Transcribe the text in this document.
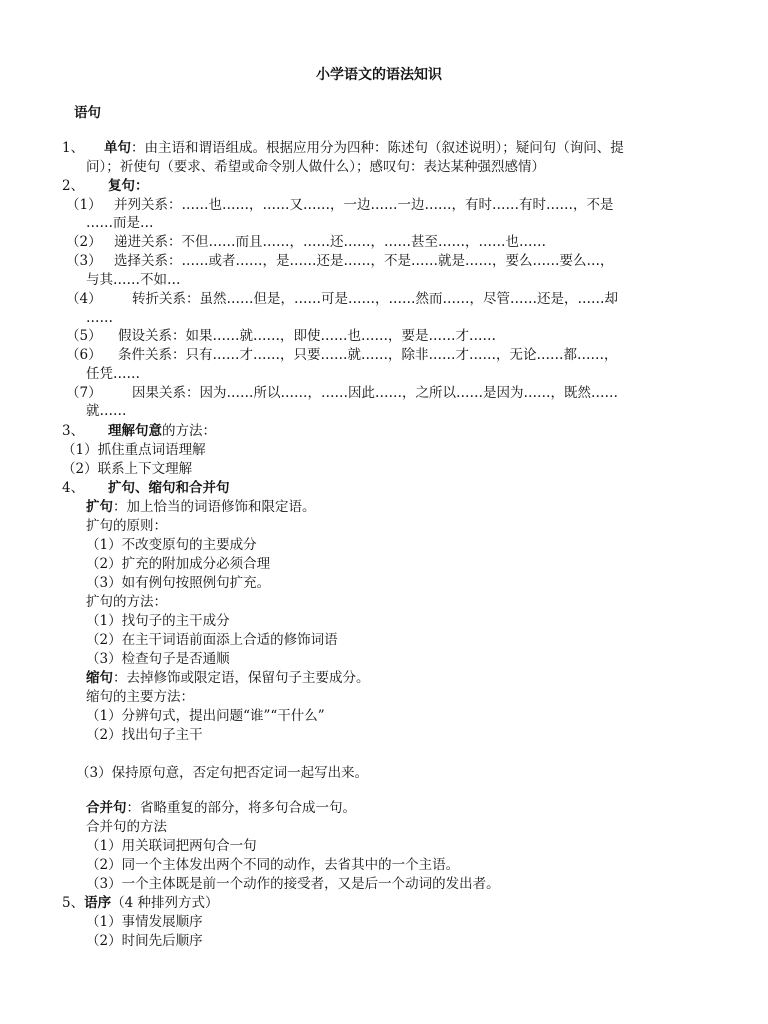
小学语文的语法知识
语句
1、 单句：由主语和谓语组成。根据应用分为四种：陈述句（叙述说明）；疑问句（询问、提
问）；祈使句（要求、希望或命令别人做什么）；感叹句：表达某种强烈感情）
2、 复句：
（1） 并列关系：……也……，……又……，一边……一边……，有时……有时……，不是
……而是…
（2） 递进关系：不但……而且……，……还……，……甚至……，……也……
（3） 选择关系：……或者……，是……还是……，不是……就是……，要么……要么…，
与其……不如…
（4） 转折关系：虽然……但是，……可是……，……然而……，尽管……还是，……却
……
（5） 假设关系：如果……就……，即使……也……，要是……才……
（6） 条件关系：只有……才……，只要……就……，除非……才……，无论……都……，
任凭……
（7） 因果关系：因为……所以……，……因此……，之所以……是因为……，既然……
就……
3、 理解句意的方法：
（1）抓住重点词语理解
（2）联系上下文理解
4、 扩句、缩句和合并句
扩句：加上恰当的词语修饰和限定语。
扩句的原则：
（1）不改变原句的主要成分
（2）扩充的附加成分必须合理
（3）如有例句按照例句扩充。
扩句的方法：
（1）找句子的主干成分
（2）在主干词语前面添上合适的修饰词语
（3）检查句子是否通顺
缩句：去掉修饰或限定语，保留句子主要成分。
缩句的主要方法：
（1）分辨句式，提出问题“谁”“干什么”
（2）找出句子主干
（3）保持原句意，否定句把否定词一起写出来。
合并句：省略重复的部分，将多句合成一句。
合并句的方法
（1）用关联词把两句合一句
（2）同一个主体发出两个不同的动作，去省其中的一个主语。
（3）一个主体既是前一个动作的接受者，又是后一个动词的发出者。
5、语序（4 种排列方式）
（1）事情发展顺序
（2）时间先后顺序
